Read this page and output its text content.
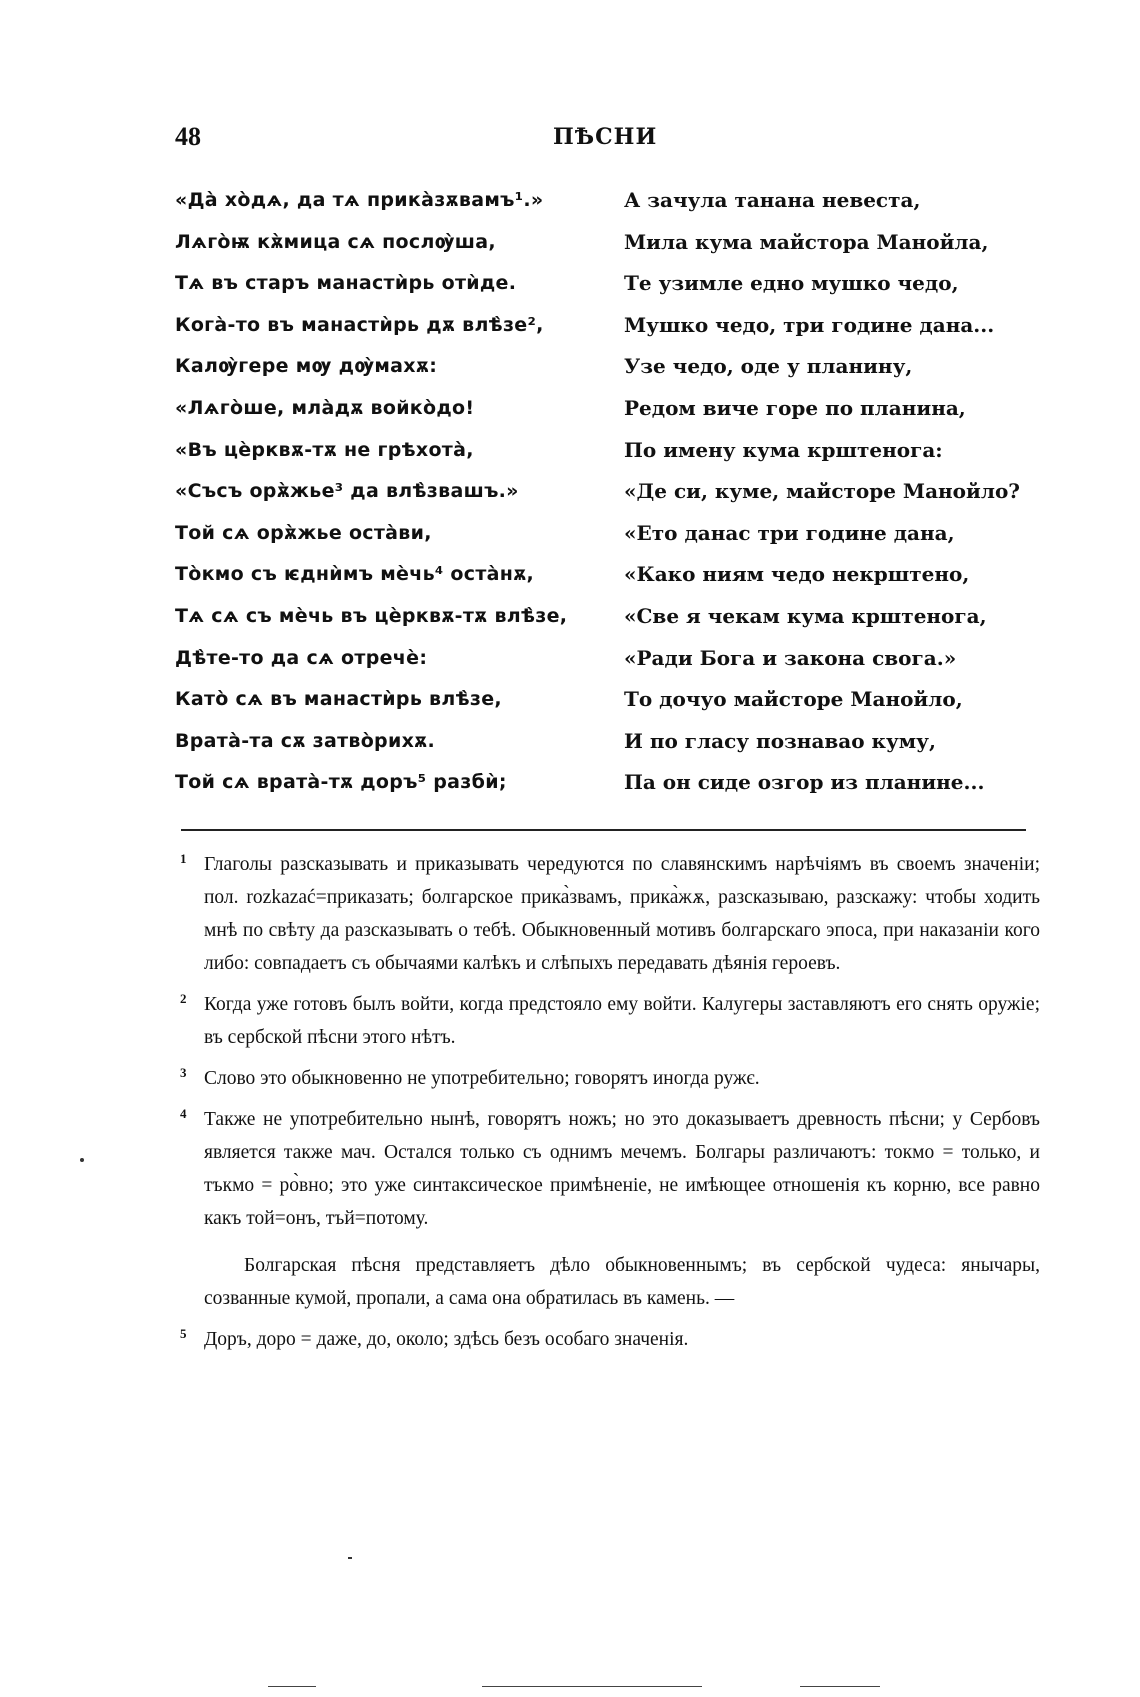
48	ПѢСНИ
«Дà хо̀дѧ, да тѧ прика̀зѫвамъ¹.»
Лѧго̀ѭ кѫ̀мица сѧ послѹ̀ша,
Тѧ въ старъ манастѝрь отѝде.
Кога̀-то въ манастѝрь дѫ влѣ̀зе²,
Калѹ̀гере мѹ дѹ̀махѫ:
«Лѧго̀ше, мла̀дѫ войко̀до!
«Въ цѐрквѫ-тѫ не грѣхота̀,
«Съсъ орѫ̀жье³ да влѣ̀звашъ.»
Той сѧ орѫ̀жье оста̀ви,
То̀кмо съ ѥднѝмъ мѐчь⁴ оста̀нѫ,
Тѧ сѧ съ мѐчь въ цѐрквѫ-тѫ влѣ̀зе,
Дѣ̀те-то да сѧ отречѐ:
Като̀ сѧ въ манастѝрь влѣ̀зе,
Врата̀-та сѫ затво̀рихѫ.
Той сѧ врата̀-тѫ доръ⁵ разбѝ;
А зачула танана невеста,
Мила кума майстора Манойла,
Те узимле едно мушко чедо,
Мушко чедо, три године дана...
Узе чедо, оде у планину,
Редом виче горе по планина,
По имену кума крштенога:
«Де си, куме, майсторе Манойло?
«Ето данас три године дана,
«Како ниям чедо некрштено,
«Све я чекам кума крштенога,
«Ради Бога и закона свога.»
То дочуо майсторе Манойло,
И по гласу познавао куму,
Па он сиде озгор из планине...
1 Глаголы разсказывать и приказывать чередуются по славянскимъ нарѣчіямъ въ своемъ значеніи; пол. rozkazać=приказать; болгарское прика̀звамъ, прика̀жѫ, разсказываю, разскажу: чтобы ходить мнѣ по свѣту да разсказывать о тебѣ. Обыкновенный мотивъ болгарскаго эпоса, при наказаніи кого либо: совпадаетъ съ обычаями калѣкъ и слѣпыхъ передавать дѣянія героевъ.
2 Когда уже готовъ былъ войти, когда предстояло ему войти. Калугеры заставляютъ его снять оружіе; въ сербской пѣсни этого нѣтъ.
3 Слово это обыкновенно не употребительно; говорятъ иногда ружє.
4 Также не употребительно нынѣ, говорятъ ножъ; но это доказываетъ древность пѣсни; у Сербовъ является также мач. Остался только съ однимъ мечемъ. Болгары различаютъ: токмо = только, и тъкмо = ро̀вно; это уже синтаксическое примѣненіе, не имѣющее отношенія къ корню, все равно какъ той=онъ, тъй=потому.
Болгарская пѣсня представляетъ дѣло обыкновеннымъ; въ сербской чудеса: янычары, созванные кумой, пропали, а сама она обратилась въ камень. —
5 Доръ, доро = даже, до, около; здѣсь безъ особаго значенія.
